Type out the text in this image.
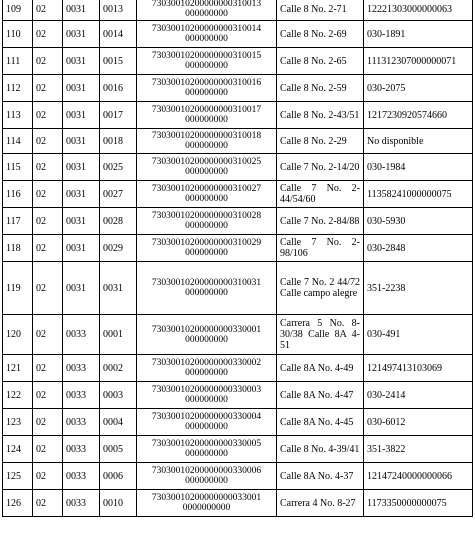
109	02	0031	0013	73030010200000000310013 000000000	Calle 8 No. 2-71	12221303000000063
110	02	0031	0014	73030010200000000310014 000000000	Calle 8 No. 2-69	030-1891
111	02	0031	0015	73030010200000000310015 000000000	Calle 8 No. 2-65	111312307000000071
112	02	0031	0016	73030010200000000310016 000000000	Calle 8 No. 2-59	030-2075
113	02	0031	0017	73030010200000000310017 000000000	Calle 8 No. 2-43/51	1217230920574660
114	02	0031	0018	73030010200000000310018 000000000	Calle 8 No. 2-29	No disponible
115	02	0031	0025	73030010200000000310025 000000000	Calle 7 No. 2-14/20	030-1984
116	02	0031	0027	73030010200000000310027 000000000	Calle 7 No. 2-44/54/60	11358241000000075
117	02	0031	0028	73030010200000000310028 000000000	Calle 7 No. 2-84/88	030-5930
118	02	0031	0029	73030010200000000310029 000000000	Calle 7 No. 2-98/106	030-2848
119	02	0031	0031	73030010200000000310031 000000000	Calle 7 No. 2 44/72 Calle campo alegre	351-2238
120	02	0033	0001	73030010200000000330001 000000000	Carrera 5 No. 8-30/38 Calle 8A 4-51	030-491
121	02	0033	0002	73030010200000000330002 000000000	Calle 8A No. 4-49	121497413103069
122	02	0033	0003	73030010200000000330003 000000000	Calle 8A No. 4-47	030-2414
123	02	0033	0004	73030010200000000330004 000000000	Calle 8A No. 4-45	030-6012
124	02	0033	0005	73030010200000000330005 000000000	Calle 8 No. 4-39/41	351-3822
125	02	0033	0006	73030010200000000330006 000000000	Calle 8A No. 4-37	12147240000000066
126	02	0033	0010	73030010200000000033001 0000000000	Carrera 4 No. 8-27	1173350000000075
